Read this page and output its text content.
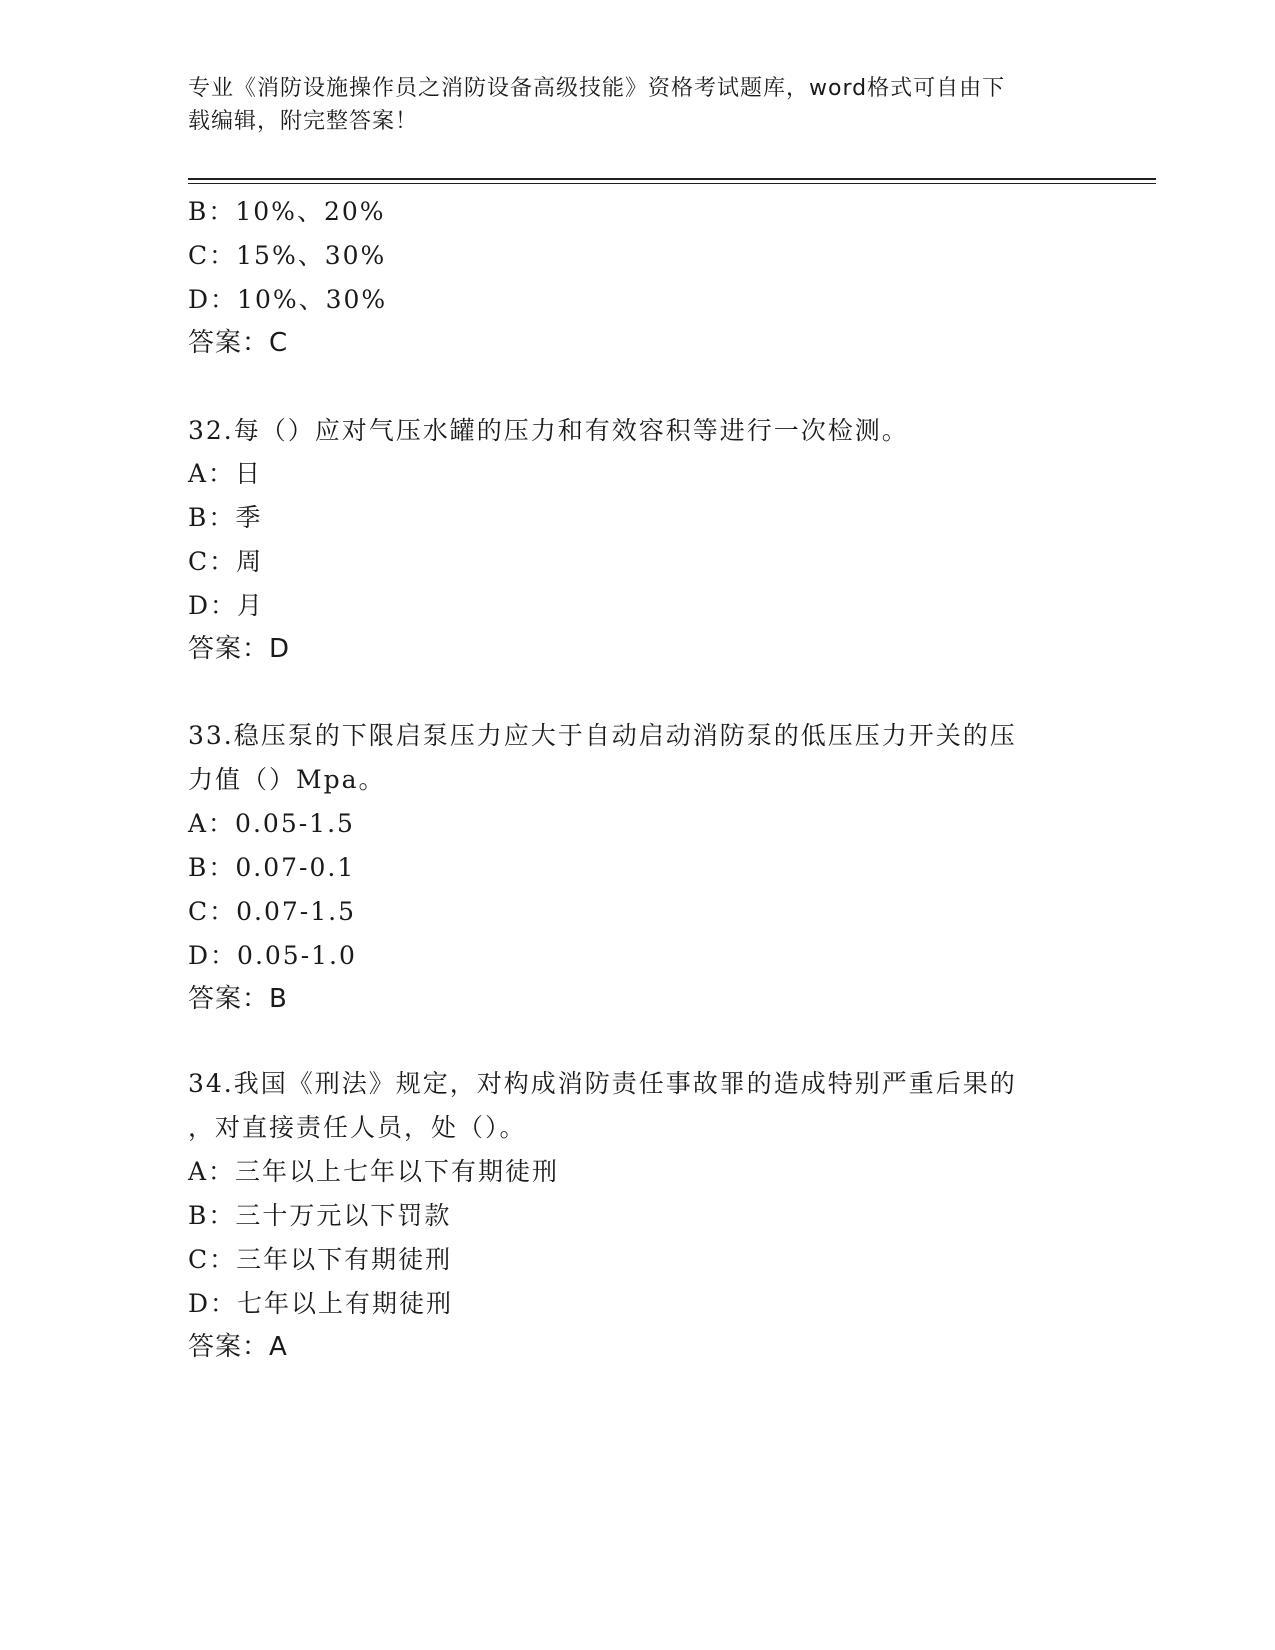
专业《消防设施操作员之消防设备高级技能》资格考试题库，word格式可自由下
载编辑，附完整答案！
B：10%、20%
C：15%、30%
D：10%、30%
答案：C
32.每（）应对气压水罐的压力和有效容积等进行一次检测。
A：日
B：季
C：周
D：月
答案：D
33.稳压泵的下限启泵压力应大于自动启动消防泵的低压压力开关的压
力值（）Mpa。
A：0.05-1.5
B：0.07-0.1
C：0.07-1.5
D：0.05-1.0
答案：B
34.我国《刑法》规定，对构成消防责任事故罪的造成特别严重后果的
，对直接责任人员，处（）。
A：三年以上七年以下有期徒刑
B：三十万元以下罚款
C：三年以下有期徒刑
D：七年以上有期徒刑
答案：A
